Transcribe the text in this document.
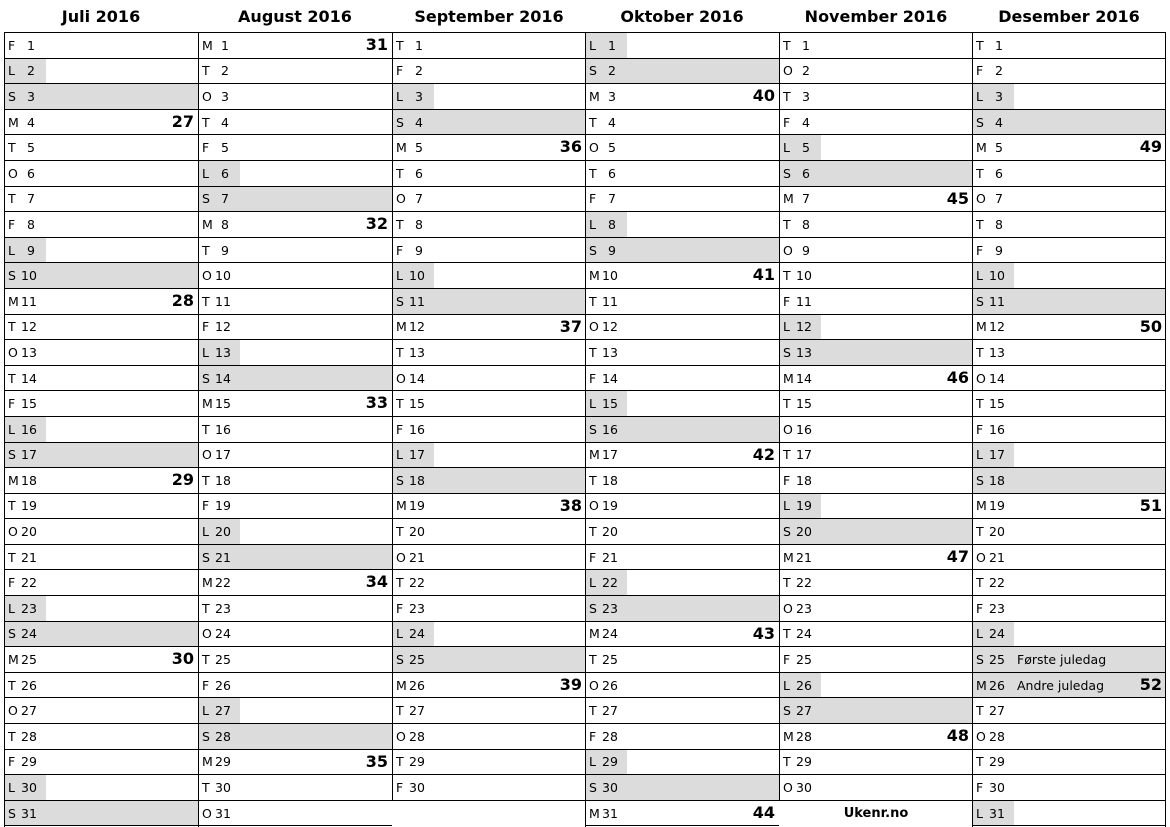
Juli 2016
F 1
L 2
S 3
M 4	27
T 5
O 6
T 7
F 8
L 9
S 10
M 11	28
T 12
O 13
T 14
F 15
L 16
S 17
M 18	29
T 19
O 20
T 21
F 22
L 23
S 24
M 25	30
T 26
O 27
T 28
F 29
L 30
S 31
August 2016
M 1	31
T 2
O 3
T 4
F 5
L 6
S 7
M 8	32
T 9
O 10
T 11
F 12
L 13
S 14
M 15	33
T 16
O 17
T 18
F 19
L 20
S 21
M 22	34
T 23
O 24
T 25
F 26
L 27
S 28
M 29	35
T 30
O 31
September 2016
T 1
F 2
L 3
S 4
M 5	36
T 6
O 7
T 8
F 9
L 10
S 11
M 12	37
T 13
O 14
T 15
F 16
L 17
S 18
M 19	38
T 20
O 21
T 22
F 23
L 24
S 25
M 26	39
T 27
O 28
T 29
F 30
Oktober 2016
L 1
S 2
M 3	40
T 4
O 5
T 6
F 7
L 8
S 9
M 10	41
T 11
O 12
T 13
F 14
L 15
S 16
M 17	42
T 18
O 19
T 20
F 21
L 22
S 23
M 24	43
T 25
O 26
T 27
F 28
L 29
S 30
M 31	44
November 2016
T 1
O 2
T 3
F 4
L 5
S 6
M 7	45
T 8
O 9
T 10
F 11
L 12
S 13
M 14	46
T 15
O 16
T 17
F 18
L 19
S 20
M 21	47
T 22
O 23
T 24
F 25
L 26
S 27
M 28	48
T 29
O 30
Desember 2016
T 1
F 2
L 3
S 4
M 5	49
T 6
O 7
T 8
F 9
L 10
S 11
M 12	50
T 13
O 14
T 15
F 16
L 17
S 18
M 19	51
T 20
O 21
T 22
F 23
L 24
S 25 Første juledag
M 26 Andre juledag 52
T 27
O 28
T 29
F 30
L 31
Ukenr.no
